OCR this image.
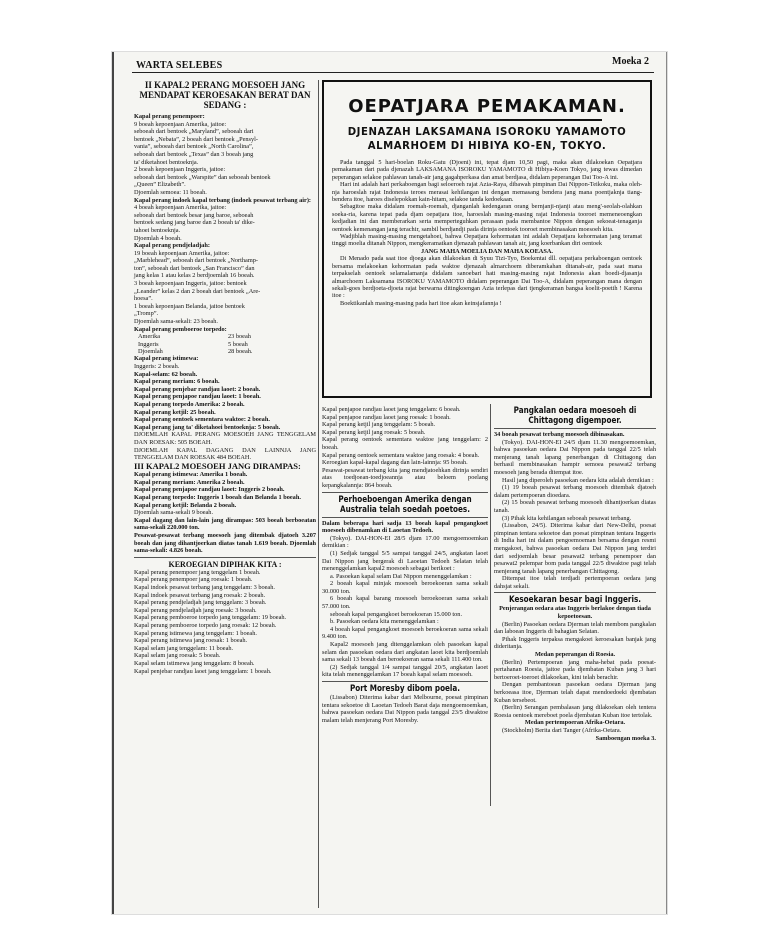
WARTA SELEBES	Moeka 2
II KAPAL2 PERANG MOESOEH JANG MENDAPAT KEROESAKAN BERAT DAN SEDANG :

Kapal perang penempoer:

9 boeah kepoenjaan Amerika, jaitoe:

seboeah dari bentoek „Maryland”, seboeah dari

bentoek „Nebata”, 2 boeah dari bentoek „Pensyl-

vania”, seboeah dari bentoek „North Carolina”,

seboeah dari bentoek „Texas” dan 3 boeah jang

ta' diketahoei bentoeknja.

2 boeah kepoenjaan Inggeris, jaitoe:

seboeah dari bentoek „Warspite” dan seboeah bentoek

„Queen” Elizabeth”.

Djoemlah semoea: 11 boeah.

Kapal perang indoek kapal terbang (indoek pesawat terbang air):

4 boeah kepoenjaan Amerika, jaitoe:

seboeah dari bentoek besar jang baroe, seboeah

bentoek sedang jang baroe dan 2 boeah ta' dike-

tahoei bentoeknja.

Djoemlah 4 boeah.

Kapal perang pendjeladjah:

19 boeah kepoenjaan Amerika, jaitoe:

„Marblehead”, seboeah dari bentoek „Northamp-

ton”, seboeah dari bentoek „San Francisco” dan

jang kelas 1 atau kelas 2 berdjoemlah 16 boeah.

3 boeah kepoenjaan Inggeris, jaitoe: bentoek

„Leander” kelas 2 dan 2 boeah dari bentoek „Are-

hoesa”.

1 boeah kepoenjaan Belanda, jaitoe bentoek

„Tromp”.

Djoemlah sama-sekali: 23 boeah.

Kapal perang pemboeroe torpedo:

Amerika	23 boeah
Inggeris	5 boeah
Djoemlah	28 boeah.

Kapal perang istimewa:

Inggeris: 2 boeah.

Kapal-selam: 62 boeah.

Kapal perang meriam: 6 boeah.

Kapal perang penjebar randjau laoet: 2 boeah.

Kapal perang penjapoe randjau laoet: 1 boeah.

Kapal perang torpedo Amerika: 2 boeah.

Kapal perang ketjil: 25 boeah.

Kapal perang oentoek sementara waktoe: 2 boeah.

Kapal perang jang ta' diketahoei bentoeknja: 5 boeah.

DJOEMLAH KAPAL PERANG MOESOEH JANG TENGGELAM DAN ROESAK: 505 BOEAH.

DJOEMLAH KAPAL DAGANG DAN LAINNJA JANG TENGGELAM DAN ROESAK 484 BOEAH.

III KAPAL2 MOESOEH JANG DIRAMPAS:

Kapal perang istimewa: Amerika 1 boeah.

Kapal perang meriam: Amerika 2 boeah.

Kapal perang penjapoe randjau laoet: Inggeris 2 boeah.

Kapal perang torpedo: Inggeris 1 boeah dan Belanda 1 boeah.

Kapal perang ketjil: Belanda 2 boeah.

Djoemlah sama-sekali 9 boeah.

Kapal dagang dan lain-lain jang dirampas: 503 boeah berboeatan sama-sekali 220.000 ton.

Pesawat-pesawat terbang moesoeh jang ditembak djatoeh 3.207 boeah dan jang dihantjoerkan diatas tanah 1.619 boeah. Djoemlah sama-sekali: 4.826 boeah.

KEROEGIAN DIPIHAK KITA :

Kapal perang penempoer jang tenggelam 1 boeah.

Kapal perang penempoer jang roesak: 1 boeah.

Kapal indoek pesawat terbang jang tenggelam: 3 boeah.

Kapal indoek pesawat terbang jang roesak: 2 boeah.

Kapal perang pendjeladjah jang tenggelam: 3 boeah.

Kapal perang pendjeladjah jang roesak: 3 boeah.

Kapal perang pemboeroe torpedo jang tenggelam: 19 boeah.

Kapal perang pemboeroe torpedo jang roesak: 12 boeah.

Kapal perang istimewa jang tenggelam: 1 boeah.

Kapal perang istimewa jang roesak: 1 boeah.

Kapal selam jang tenggelam: 11 boeah.

Kapal selam jang roesak: 5 boeah.

Kapal selam istimewa jang tenggelam: 8 boeah.

Kapal penjebar randjau laoet jang tenggelam: 1 boeah.

OEPATJARA PEMAKAMAN.
DJENAZAH LAKSAMANA ISOROKU YAMAMOTO
ALMARHOEM DI HIBIYA KO-EN, TOKYO.

Pada tanggal 5 hari-boelan Roku-Gatu (Djoeni) ini, tepat djam 10,50 pagi, maka akan dilakoekan Oepatjara pemakaman dari pada djenazah LAKSAMANA ISOROKU YAMAMOTO di Hibiya-Koen Tokyo, jang tewas dimedan peperangan selakoe pahlawan tanah-air jang gagahperkasa dan amat berdjasa, didalam peperangan Dai Too-A ini.

Hari ini adalah hari perkaboengan bagi seloeroeh rajat Azia-Raya, dibawah pimpinan Dai Nippon-Teikoku, maka oleh-nja haroeslah rajat Indonesia teroes merasai kehilangan ini dengan memasang bendera jang mana poentjaknja tiang-bendera itoe, haroes diselepokkan kain-hitam, selakoe tanda kedoekaan.

Sebagitoe maka didalam roemah-roemah, djanganlah kedengaran orang bernjanji-njanji atau meng'-seolah-olahkan soeka-ria, karena tepat pada djam oepatjara itoe, haroeslah masing-masing rajat Indonesia tooroet memeneoengkan kedjadian ini dan memberarkan serta memperteguhkan perasaan pada membantoe Nippon dengan sekoeat-tenaganja oentoek kemenangan jang terachir, sambil berdjandji pada dirinja oentoek tooroet membinasakan moesoeh kita.

Wadjiblah masing-masing mengetahoei, bahwa Oepatjara kehormatan ini adalah Oepatjara kehormatan jang teramat tinggi moelia ditanah Nippon, mengkeramatkan djenazah pahlawan tanah air, jang koerbankan diri oentoek

JANG MAHA MOELIA DAN MAHA KOEASA.

Di Menado pada saat itoe djoega akan dilakoekan di Syuu Tizi-Tyo, Boekentai dll. oepatjara perkaboengan oentoek bersama melakoekan kehormatan pada waktoe djenazah almarchoem diberamkahan ditanah-air, pada saat mana terpakselah oentoek selamalamanja didalam sanoebari hati masing-masing rajat Indonesia akan boedi-djasanja almarchoem Laksamana ISOROKU YAMAMOTO didalam peperangan Dai Too-A, didalam peperangan mana dengan sekali-goes berdjoeta-djoeta rajat berwarna ditingkoengan Azia terlepas dari tjengkeraman bangsa koelit-poetih ! Karena itoe :

Boektikanlah masing-masing pada hari itoe akan keinsjafannja !

Kapal penjapoe randjau laoet jang tenggelam: 6 boeah.

Kapal penjapoe randjau laoet jang roesak: 1 boeah.

Kapal perang ketjil jang tenggelam: 5 boeah.

Kapal perang ketjil jang roesak: 5 boeah.

Kapal perang oentoek sementara waktoe jang tenggelam: 2 boeah.

Kapal perang oentoek sementara waktoe jang roesak: 4 boeah.

Keroegian kapal-kapal dagang dan lain-lainnja: 95 boeah.

Pesawat-pesawat terbang kita jang mendjatoehkan dirinja sendiri atas toedjoean-toedjoeannja atau beloem poelang kepangkalannja: 864 boeah.

Perhoeboengan Amerika dengan Australia telah soedah poetoes.

Dalam beberapa hari sadja 13 boeah kapal pengangkoet moesoeh dibenamkan di Laoetan Tedoeh.

(Tokyo). DAI-HON-EI 28/5 djam 17.00 mengoemoemkan demikian :

(1) Sedjak tanggal 5/5 sampai tanggal 24/5, angkatan laoet Dai Nippon jang bergerak di Laoetan Tedoeh Selatan telah menenggelamkan kapal2 moesoeh sebagai berikoet :

a. Pasoekan kapal selam Dai Nippon menenggelamkan :

2 boeah kapal minjak moesoeh beroekoeran sama sekali 30.000 ton.

6 boeah kapal barang moesoeh beroekoeran sama sekali 57.000 ton.

seboeah kapal pengangkoet beroekoeran 15.000 ton.

b. Pasoekan oedara kita menenggelamkan :

4 boeah kapal pengangkoet moesoeh beroekoeran sama sekali 9.400 ton.

Kapal2 moesoeh jang ditenggelamkan oleh pasoekan kapal selam dan pasoekan oedara dari angkatan laoet kita berdjoemlah sama sekali 13 boeah dan beroekoeran sama sekali 111.400 ton.

(2) Sedjak tanggal 1/4 sampai tanggal 20/5, angkatan laoet kita telah menenggelamkan 17 boeah kapal selam moesoeh.

Port Moresby dibom poela.

(Lissabon) Diterima kabar dari Melbourne, poesat pimpinan tentara sekoetoe di Laoetan Tedoeh Barat daja mengoemoemkan, bahwa pasoekan oedara Dai Nippon pada tanggal 23/5 diwaktoe malam telah menjerang Port Moresby.

Pangkalan oedara moesoeh di Chittagong digempoer.

34 boeah pesawat terbang moesoeh dibinasakan.

(Tokyo). DAI-HON-EI 24/5 djam 11.30 mengoemoemkan, bahwa pasoekan oedara Dai Nippon pada tanggal 22/5 telah menjerang tanah lapang penerbangan di Chittagong dan berhasil membinasakan hampir semoea pesawat2 terbang moesoeh jang berada ditempat itoe.

Hasil jang diperoleh pasoekan oedara kita adalah demikian :

(1) 19 boeah pesawat terbang moesoeh ditembak djatoeh dalam pertempoeran dioedara.

(2) 15 boeah pesawat terbang moesoeh dihantjoerkan diatas tanah.

(3) Pihak kita kehilangan seboeah pesawat terbang.

(Lissabon, 24/5). Diterima kabar dari New-Delhi, poesat pimpinan tentara sekoetoe dan poesat pimpinan tentara Inggeris di India hari ini dalam pengoemoeman bersama dengan resmi mengakoei, bahwa pasoekan oedara Dai Nippon jang terdiri dari sedjoemlah besar pesawat2 terbang penempoer dan pesawat2 pelempar bom pada tanggal 22/5 diwaktoe pagi telah menjerang tanah lapang penerbangan Chittagong.

Ditempat itoe telah terdjadi pertempoeran oedara jang dahsjat sekali.

Kesoekaran besar bagi Inggeris.

Penjerangan oedara atas Inggeris berlakoe dengan tiada kepoetoesan.

(Berlin) Pasoekan oedara Djerman telah membom pangkalan dan laboean Inggeris di bahagian Selatan.

Pihak Inggeris terpaksa mengakoei keroesakan banjak jang dideritanja.

Medan peperangan di Roesia.

(Berlin) Pertempoeran jang maha-hebat pada poesat-pertahanan Roesia, jaitoe pada djembatan Kuban jang 3 hari bertoeroet-toeroet dilakoekan, kini telah berachir.

Dengan pembantoean pasoekan oedara Djerman jang berkoeasa itoe, Djerman telah dapat mendoedoeki djembatan Kuban tersebeot.

(Berlin) Serangan pembalasan jang dilakoekan oleh tentera Roesia oentoek mereboet poela djembatan Kuban itoe tertolak.

Medan pertempoeran Afrika-Oetara.

(Stockholm) Berita dari Tanger (Afrika-Oetara.

Samboengan moeka 3.
